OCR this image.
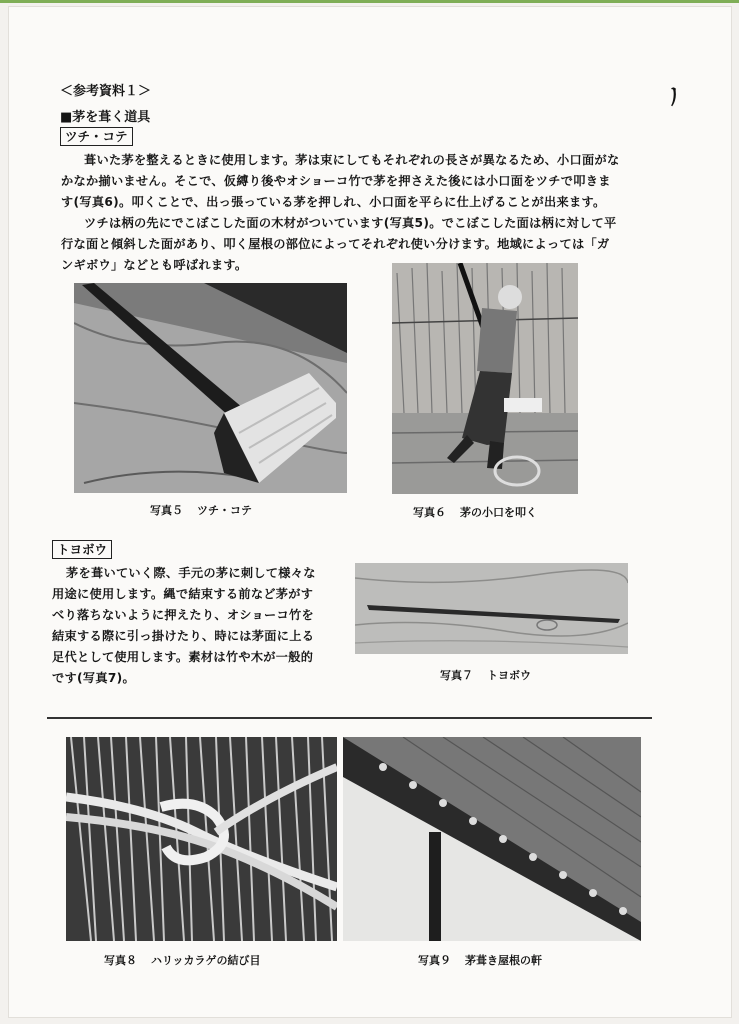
ﾉ
＜参考資料１＞
■茅を葺く道具
ツチ・コテ
葺いた茅を整えるときに使用します。茅は束にしてもそれぞれの長さが異なるため、小口面がな
かなか揃いません。そこで、仮縛り後やオショーコ竹で茅を押さえた後には小口面をツチで叩きま
す(写真6)。叩くことで、出っ張っている茅を押しれ、小口面を平らに仕上げることが出来ます。
ツチは柄の先にでこぼこした面の木材がついています(写真5)。でこぼこした面は柄に対して平
行な面と傾斜した面があり、叩く屋根の部位によってそれぞれ使い分けます。地域によっては「ガ
ンギボウ」などとも呼ばれます。
写真５ ツチ・コテ	写真６ 茅の小口を叩く
トヨボウ
茅を葺いていく際、手元の茅に刺して様々な
用途に使用します。縄で結束する前など茅がす
べり落ちないように押えたり、オショーコ竹を
結束する際に引っ掛けたり、時には茅面に上る
足代として使用します。素材は竹や木が一般的
です(写真7)。	写真７ トヨボウ
写真８ ハリッカラゲの結び目	写真９ 茅葺き屋根の軒
